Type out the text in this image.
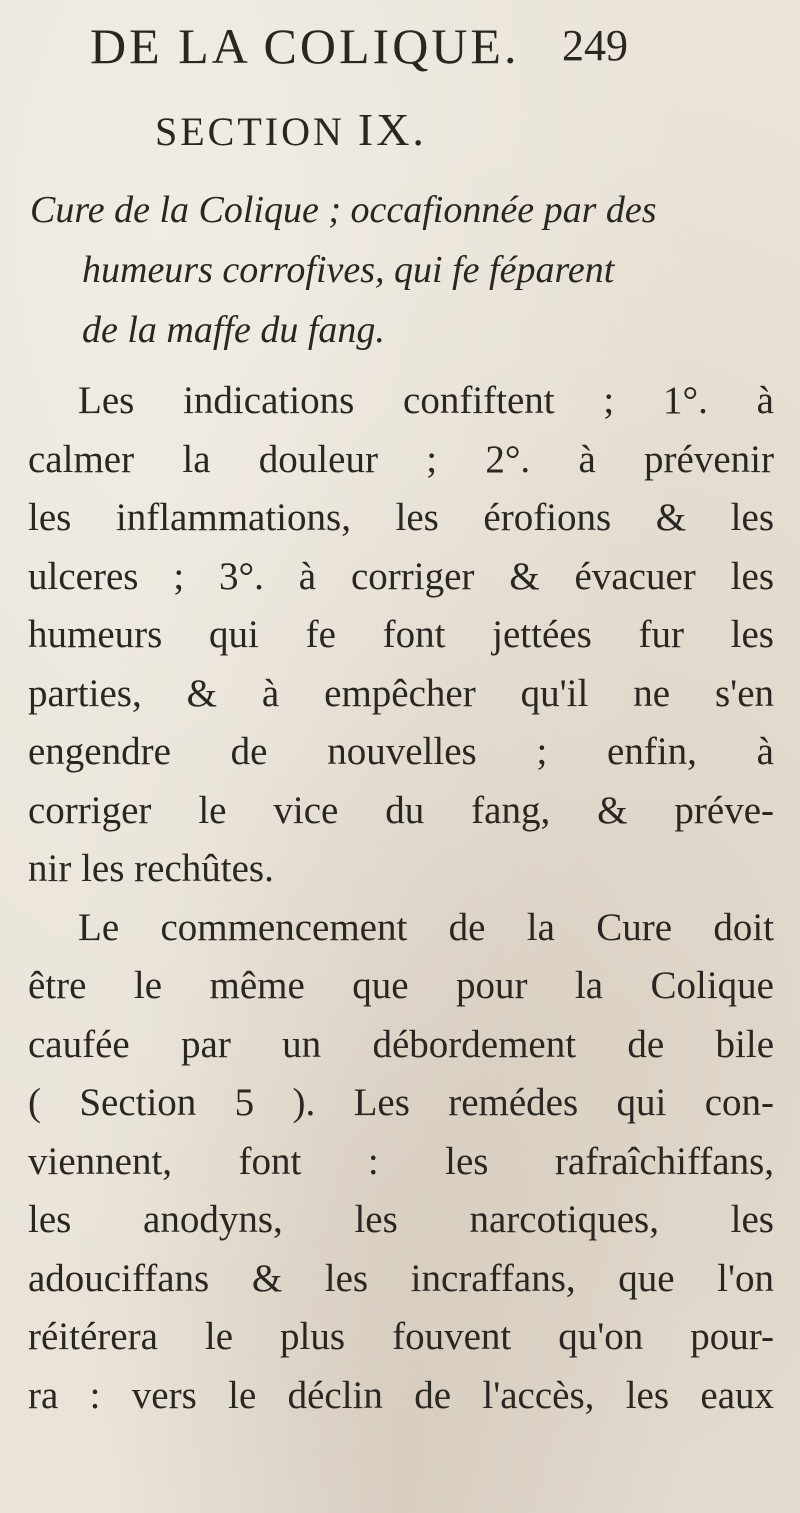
DE LA COLIQUE. 249
SECTION IX.
Cure de la Colique ; occafionnée par des
humeurs corrofives, qui fe féparent
de la maffe du fang.
Les indications confiftent ; 1°. à
calmer la douleur ; 2°. à prévenir
les inflammations, les érofions & les
ulceres ; 3°. à corriger & évacuer les
humeurs qui fe font jettées fur les
parties, & à empêcher qu'il ne s'en
engendre de nouvelles ; enfin, à
corriger le vice du fang, & préve-
nir les rechûtes.
Le commencement de la Cure doit
être le même que pour la Colique
caufée par un débordement de bile
( Section 5 ). Les remédes qui con-
viennent, font : les rafraîchiffans,
les anodyns, les narcotiques, les
adouciffans & les incraffans, que l'on
réitérera le plus fouvent qu'on pour-
ra : vers le déclin de l'accès, les eaux
